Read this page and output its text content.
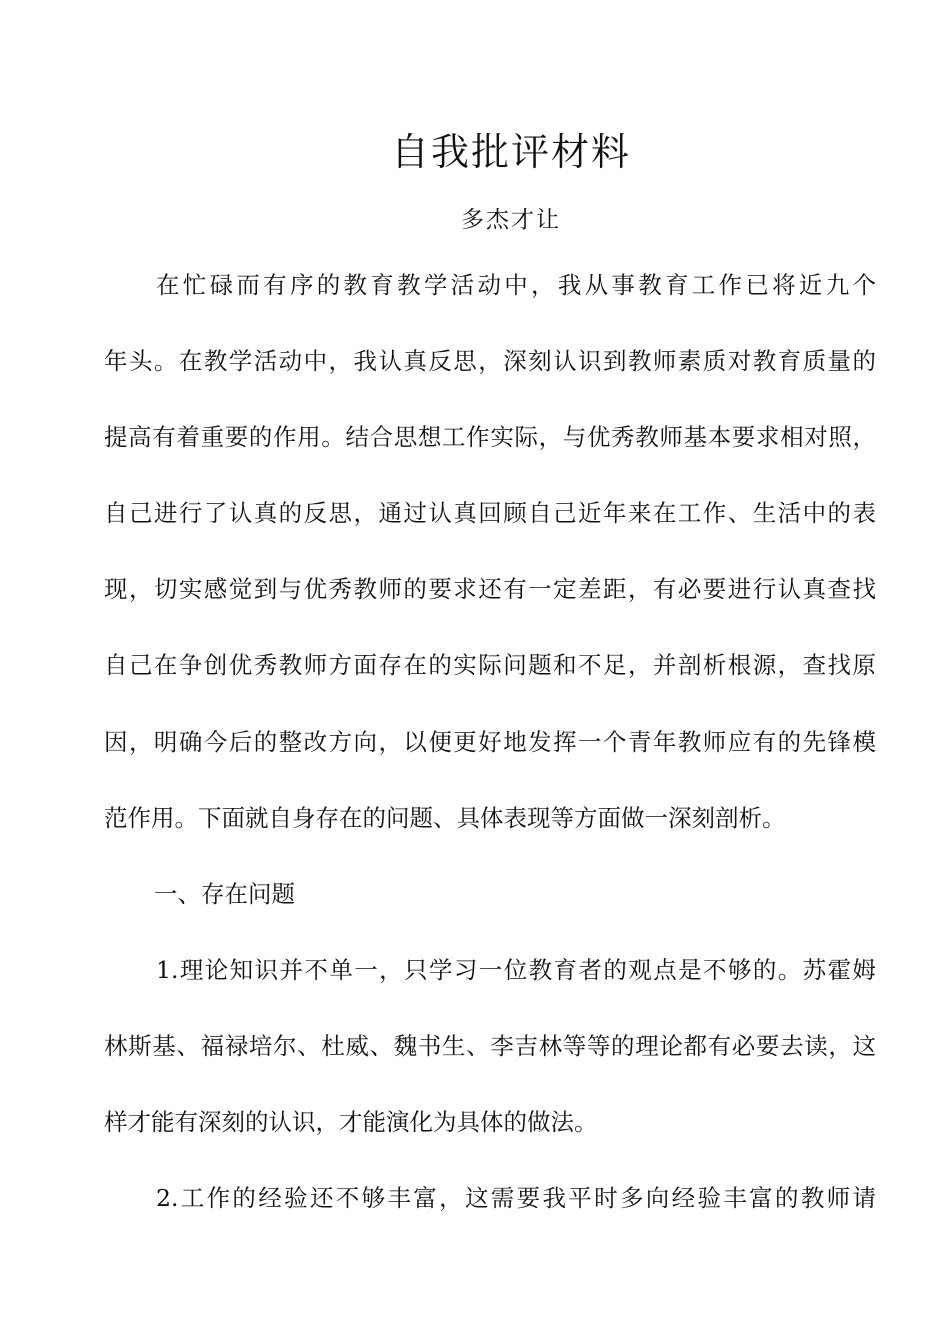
自我批评材料
多杰才让
在忙碌而有序的教育教学活动中，我从事教育工作已将近九个
年头。在教学活动中，我认真反思，深刻认识到教师素质对教育质量的
提高有着重要的作用。结合思想工作实际，与优秀教师基本要求相对照，
自己进行了认真的反思，通过认真回顾自己近年来在工作、生活中的表
现，切实感觉到与优秀教师的要求还有一定差距，有必要进行认真查找
自己在争创优秀教师方面存在的实际问题和不足，并剖析根源，查找原
因，明确今后的整改方向，以便更好地发挥一个青年教师应有的先锋模
范作用。下面就自身存在的问题、具体表现等方面做一深刻剖析。
一、存在问题
1.理论知识并不单一，只学习一位教育者的观点是不够的。苏霍姆
林斯基、福禄培尔、杜威、魏书生、李吉林等等的理论都有必要去读，这
样才能有深刻的认识，才能演化为具体的做法。
2.工作的经验还不够丰富，这需要我平时多向经验丰富的教师请
